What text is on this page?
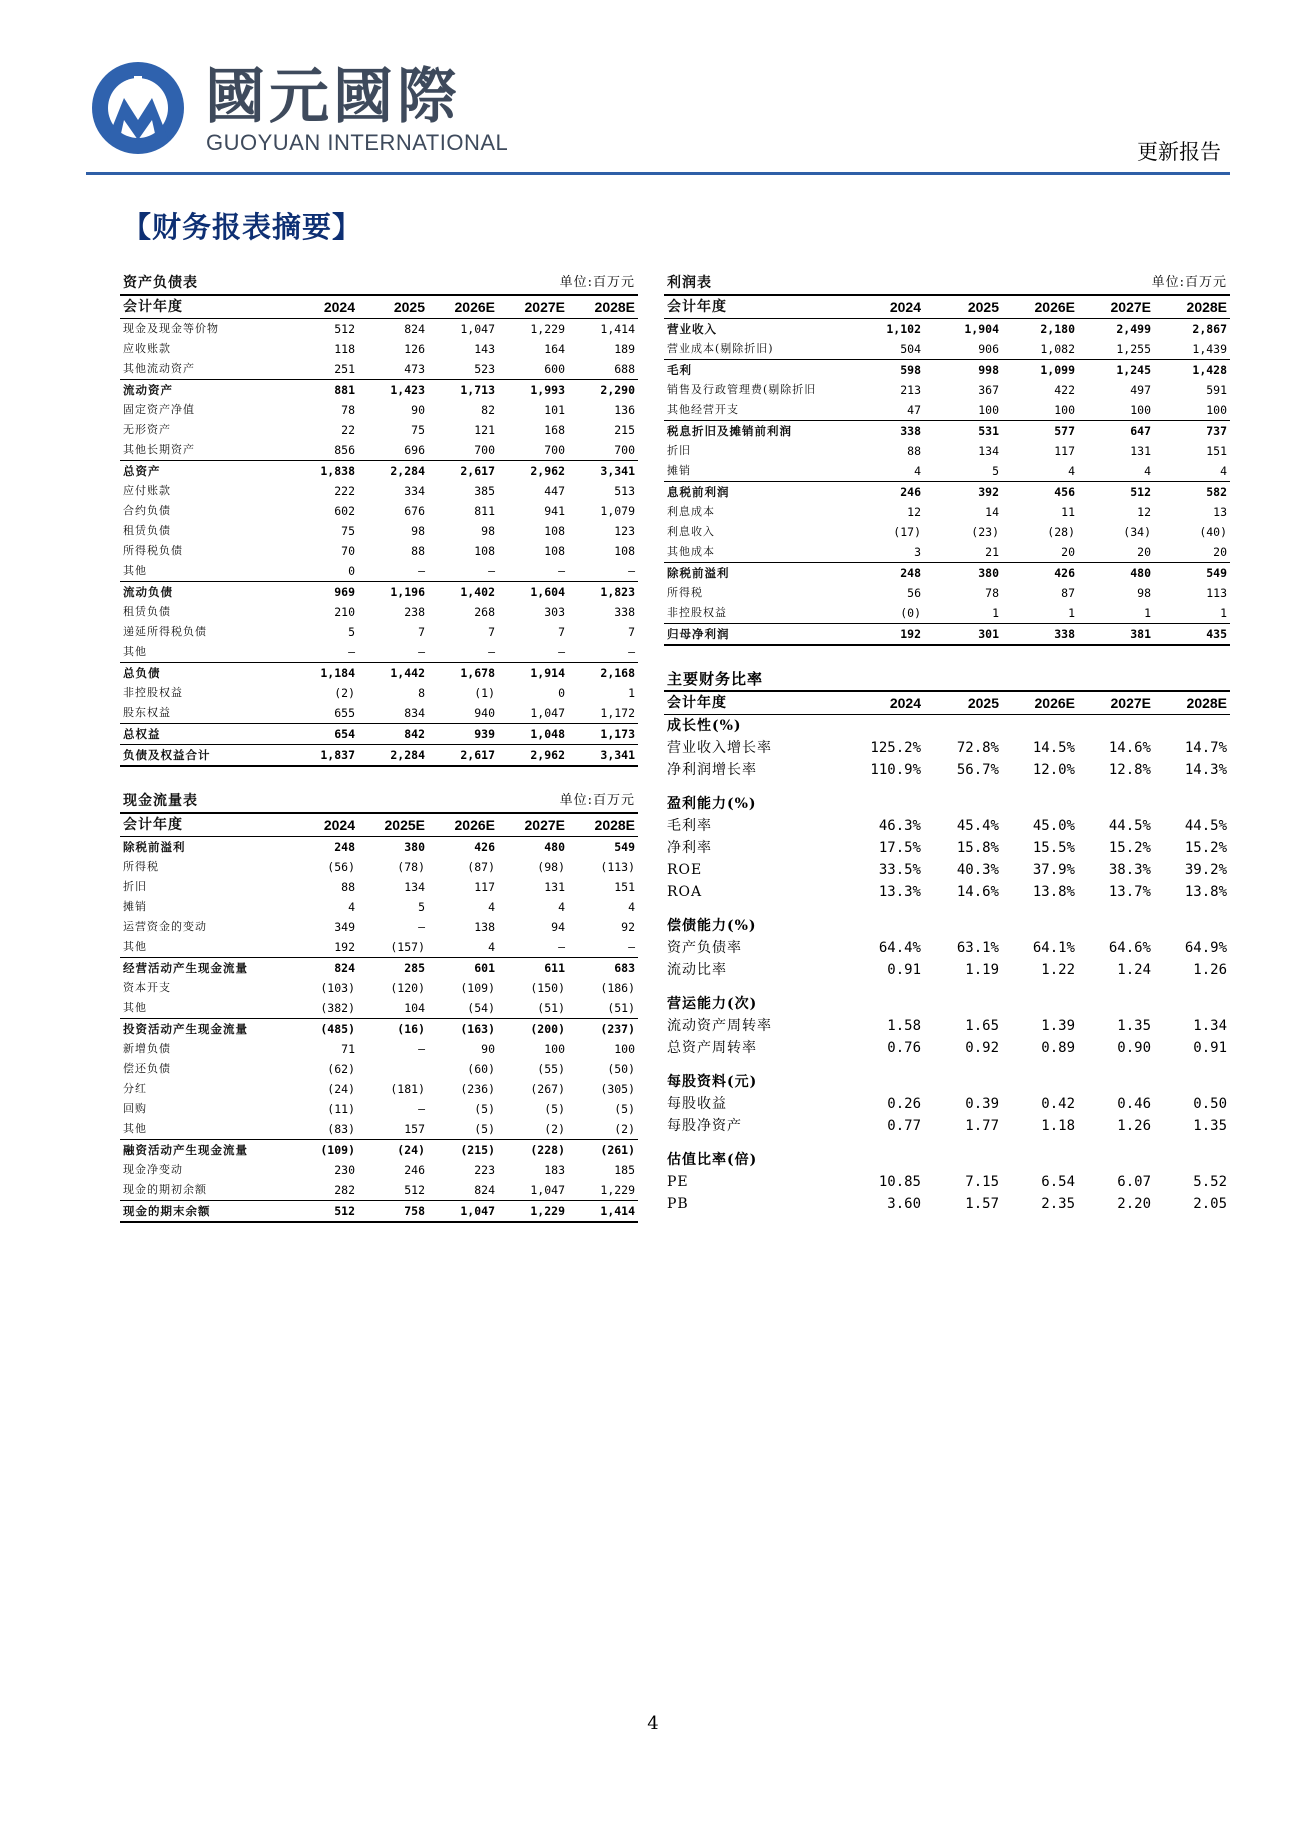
國元國際
GUOYUAN INTERNATIONAL	更新报告
【财务报表摘要】
资产负债表				单位:百万元	
会计年度	2024	2025	2026E	2027E	2028E
现金及现金等价物	512	824	1,047	1,229	1,414
应收账款	118	126	143	164	189
其他流动资产	251	473	523	600	688
流动资产	881	1,423	1,713	1,993	2,290
固定资产净值	78	90	82	101	136
无形资产	22	75	121	168	215
其他长期资产	856	696	700	700	700
总资产	1,838	2,284	2,617	2,962	3,341
应付账款	222	334	385	447	513
合约负债	602	676	811	941	1,079
租赁负债	75	98	98	108	123
所得税负债	70	88	108	108	108
其他	0	–	–	–	–
流动负债	969	1,196	1,402	1,604	1,823
租赁负债	210	238	268	303	338
递延所得税负债	5	7	7	7	7
其他	–	–	–	–	–
总负债	1,184	1,442	1,678	1,914	2,168
非控股权益	(2)	8	(1)	0	1
股东权益	655	834	940	1,047	1,172
总权益	654	842	939	1,048	1,173
负债及权益合计	1,837	2,284	2,617	2,962	3,341
利润表				单位:百万元	
会计年度	2024	2025	2026E	2027E	2028E
营业收入	1,102	1,904	2,180	2,499	2,867
营业成本(剔除折旧)	504	906	1,082	1,255	1,439
毛利	598	998	1,099	1,245	1,428
销售及行政管理费(剔除折旧	213	367	422	497	591
其他经营开支	47	100	100	100	100
税息折旧及摊销前利润	338	531	577	647	737
折旧	88	134	117	131	151
摊销	4	5	4	4	4
息税前利润	246	392	456	512	582
利息成本	12	14	11	12	13
利息收入	(17)	(23)	(28)	(34)	(40)
其他成本	3	21	20	20	20
除税前溢利	248	380	426	480	549
所得税	56	78	87	98	113
非控股权益	(0)	1	1	1	1
归母净利润	192	301	338	381	435
现金流量表				单位:百万元	
会计年度	2024	2025E	2026E	2027E	2028E
除税前溢利	248	380	426	480	549
所得税	(56)	(78)	(87)	(98)	(113)
折旧	88	134	117	131	151
摊销	4	5	4	4	4
运营资金的变动	349	–	138	94	92
其他	192	(157)	4	–	–
经营活动产生现金流量	824	285	601	611	683
资本开支	(103)	(120)	(109)	(150)	(186)
其他	(382)	104	(54)	(51)	(51)
投资活动产生现金流量	(485)	(16)	(163)	(200)	(237)
新增负债	71	–	90	100	100
偿还负债	(62)		(60)	(55)	(50)
分红	(24)	(181)	(236)	(267)	(305)
回购	(11)	–	(5)	(5)	(5)
其他	(83)	157	(5)	(2)	(2)
融资活动产生现金流量	(109)	(24)	(215)	(228)	(261)
现金净变动	230	246	223	183	185
现金的期初余额	282	512	824	1,047	1,229
现金的期末余额	512	758	1,047	1,229	1,414
主要财务比率					
会计年度	2024	2025	2026E	2027E	2028E
成长性(%)					
营业收入增长率	125.2%	72.8%	14.5%	14.6%	14.7%
净利润增长率	110.9%	56.7%	12.0%	12.8%	14.3%

盈利能力(%)					
毛利率	46.3%	45.4%	45.0%	44.5%	44.5%
净利率	17.5%	15.8%	15.5%	15.2%	15.2%
ROE	33.5%	40.3%	37.9%	38.3%	39.2%
ROA	13.3%	14.6%	13.8%	13.7%	13.8%

偿债能力(%)					
资产负债率	64.4%	63.1%	64.1%	64.6%	64.9%
流动比率	0.91	1.19	1.22	1.24	1.26

营运能力(次)					
流动资产周转率	1.58	1.65	1.39	1.35	1.34
总资产周转率	0.76	0.92	0.89	0.90	0.91

每股资料(元)					
每股收益	0.26	0.39	0.42	0.46	0.50
每股净资产	0.77	1.77	1.18	1.26	1.35

估值比率(倍)					
PE	10.85	7.15	6.54	6.07	5.52
PB	3.60	1.57	2.35	2.20	2.05
4
